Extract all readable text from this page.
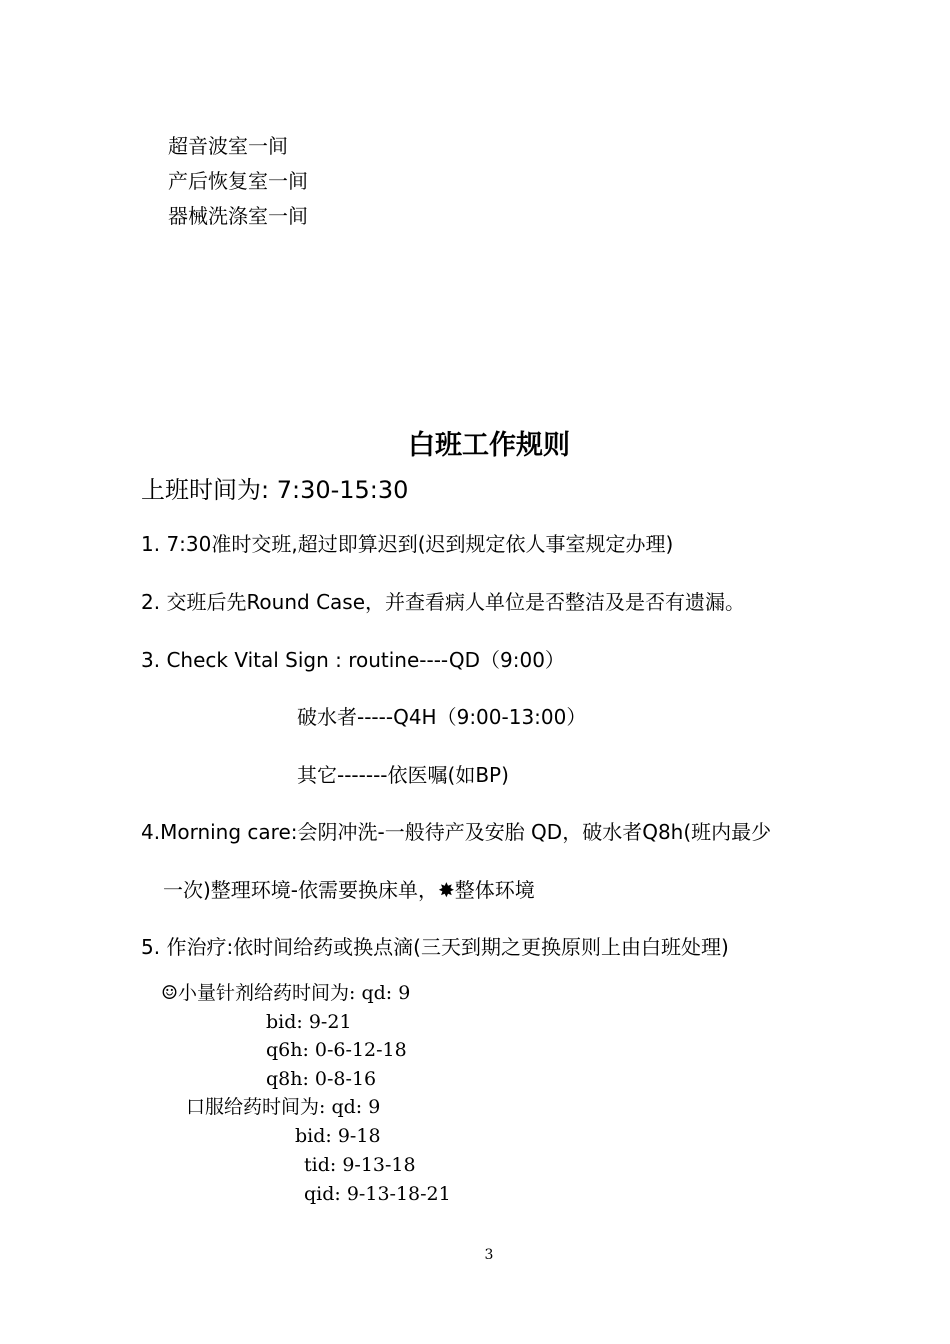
超音波室一间
产后恢复室一间
器械洗涤室一间
白班工作规则
上班时间为: 7:30-15:30
1. 7:30准时交班,超过即算迟到(迟到规定依人事室规定办理)
2. 交班后先Round Case，并查看病人单位是否整洁及是否有遗漏。
3. Check Vital Sign : routine----QD（9:00）
破水者-----Q4H（9:00-13:00）
其它-------依医嘱(如BP)
4.Morning care:会阴冲洗-一般待产及安胎 QD，破水者Q8h(班内最少
一次)整理环境-依需要换床单，✸整体环境
5. 作治疗:依时间给药或换点滴(三天到期之更换原则上由白班处理)
☺小量针剂给药时间为: qd: 9
bid: 9-21
q6h: 0-6-12-18
q8h: 0-8-16
口服给药时间为: qd: 9
bid: 9-18
tid: 9-13-18
qid: 9-13-18-21
3
